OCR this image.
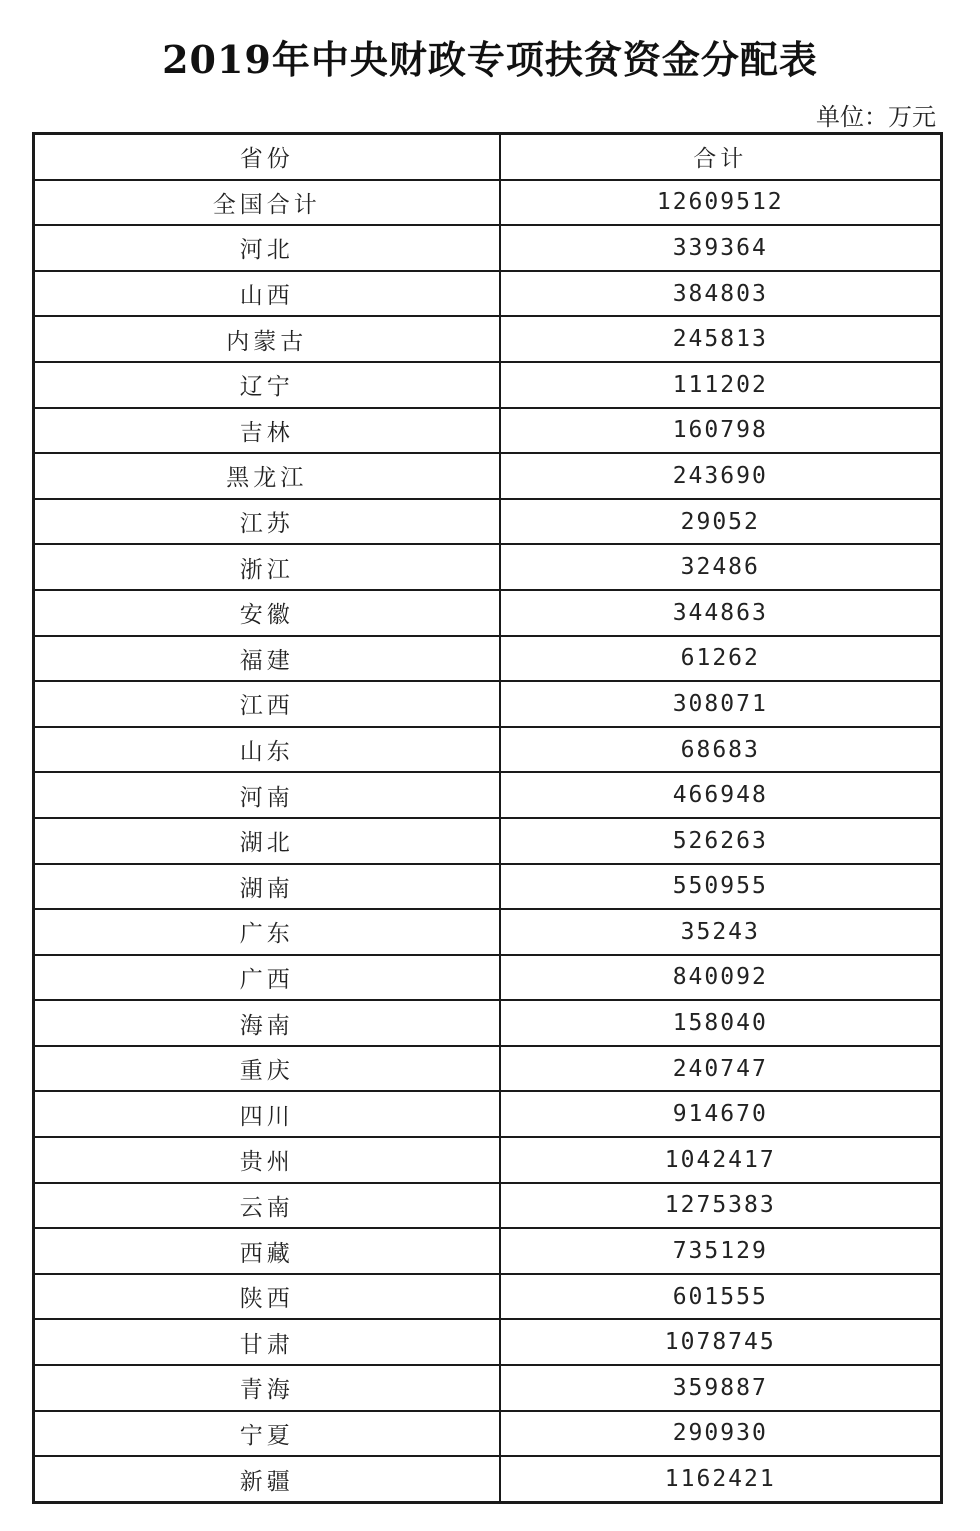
2019年中央财政专项扶贫资金分配表
单位：万元
省份	合计
全国合计	12609512
河北	339364
山西	384803
内蒙古	245813
辽宁	111202
吉林	160798
黑龙江	243690
江苏	29052
浙江	32486
安徽	344863
福建	61262
江西	308071
山东	68683
河南	466948
湖北	526263
湖南	550955
广东	35243
广西	840092
海南	158040
重庆	240747
四川	914670
贵州	1042417
云南	1275383
西藏	735129
陕西	601555
甘肃	1078745
青海	359887
宁夏	290930
新疆	1162421
